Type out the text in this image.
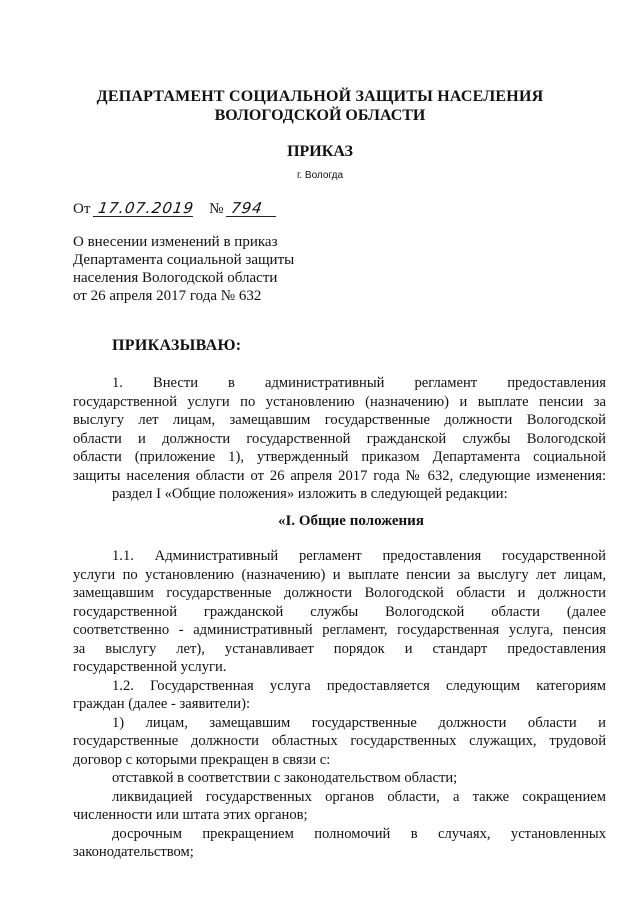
ДЕПАРТАМЕНТ СОЦИАЛЬНОЙ ЗАЩИТЫ НАСЕЛЕНИЯ
ВОЛОГОДСКОЙ ОБЛАСТИ
ПРИКАЗ
г. Вологда
От 17.07.2019 № 794
О внесении изменений в приказ
Департамента социальной защиты
населения Вологодской области
от 26 апреля 2017 года № 632
ПРИКАЗЫВАЮ:
1. Внести в административный регламент предоставления
государственной услуги по установлению (назначению) и выплате пенсии за
выслугу лет лицам, замещавшим государственные должности Вологодской
области и должности государственной гражданской службы Вологодской
области (приложение 1), утвержденный приказом Департамента социальной
защиты населения области от 26 апреля 2017 года № 632, следующие изменения:
раздел I «Общие положения» изложить в следующей редакции:
«I. Общие положения
1.1. Административный регламент предоставления государственной
услуги по установлению (назначению) и выплате пенсии за выслугу лет лицам,
замещавшим государственные должности Вологодской области и должности
государственной гражданской службы Вологодской области (далее
соответственно - административный регламент, государственная услуга, пенсия
за выслугу лет), устанавливает порядок и стандарт предоставления
государственной услуги.
1.2. Государственная услуга предоставляется следующим категориям
граждан (далее - заявители):
1) лицам, замещавшим государственные должности области и
государственные должности областных государственных служащих, трудовой
договор с которыми прекращен в связи с:
отставкой в соответствии с законодательством области;
ликвидацией государственных органов области, а также сокращением
численности или штата этих органов;
досрочным прекращением полномочий в случаях, установленных
законодательством;
